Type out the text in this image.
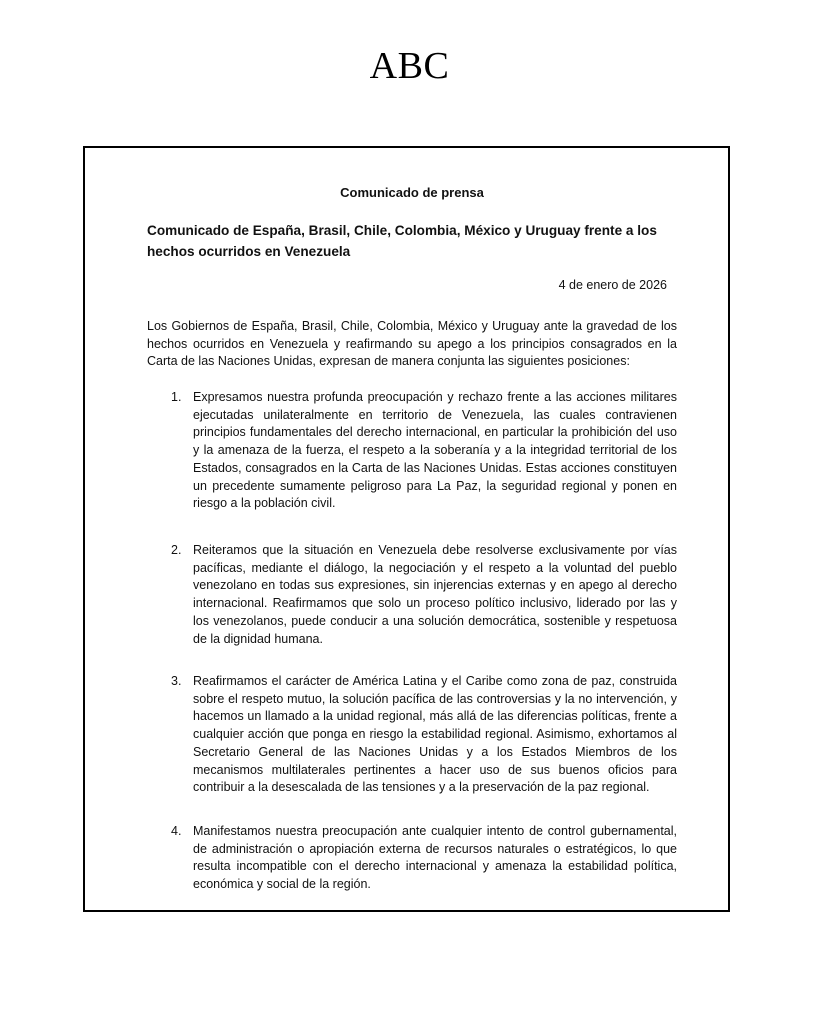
ABC
Comunicado de prensa
Comunicado de España, Brasil, Chile, Colombia, México y Uruguay frente a los hechos ocurridos en Venezuela
4 de enero de 2026
Los Gobiernos de España, Brasil, Chile, Colombia, México y Uruguay ante la gravedad de los hechos ocurridos en Venezuela y reafirmando su apego a los principios consagrados en la Carta de las Naciones Unidas, expresan de manera conjunta las siguientes posiciones:
1. Expresamos nuestra profunda preocupación y rechazo frente a las acciones militares ejecutadas unilateralmente en territorio de Venezuela, las cuales contravienen principios fundamentales del derecho internacional, en particular la prohibición del uso y la amenaza de la fuerza, el respeto a la soberanía y a la integridad territorial de los Estados, consagrados en la Carta de las Naciones Unidas. Estas acciones constituyen un precedente sumamente peligroso para La Paz, la seguridad regional y ponen en riesgo a la población civil.
2. Reiteramos que la situación en Venezuela debe resolverse exclusivamente por vías pacíficas, mediante el diálogo, la negociación y el respeto a la voluntad del pueblo venezolano en todas sus expresiones, sin injerencias externas y en apego al derecho internacional. Reafirmamos que solo un proceso político inclusivo, liderado por las y los venezolanos, puede conducir a una solución democrática, sostenible y respetuosa de la dignidad humana.
3. Reafirmamos el carácter de América Latina y el Caribe como zona de paz, construida sobre el respeto mutuo, la solución pacífica de las controversias y la no intervención, y hacemos un llamado a la unidad regional, más allá de las diferencias políticas, frente a cualquier acción que ponga en riesgo la estabilidad regional. Asimismo, exhortamos al Secretario General de las Naciones Unidas y a los Estados Miembros de los mecanismos multilaterales pertinentes a hacer uso de sus buenos oficios para contribuir a la desescalada de las tensiones y a la preservación de la paz regional.
4. Manifestamos nuestra preocupación ante cualquier intento de control gubernamental, de administración o apropiación externa de recursos naturales o estratégicos, lo que resulta incompatible con el derecho internacional y amenaza la estabilidad política, económica y social de la región.
